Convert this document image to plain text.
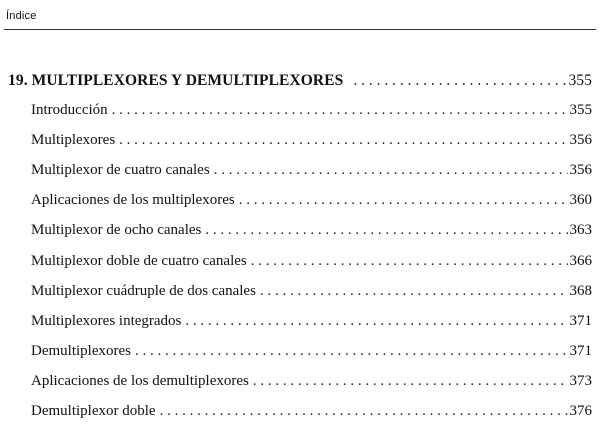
Índice
19. MULTIPLEXORES Y DEMULTIPLEXORES . . .	355
Introducción . . .	355
Multiplexores . . .	356
Multiplexor de cuatro canales . . .	356
Aplicaciones de los multiplexores . . .	360
Multiplexor de ocho canales . . .	363
Multiplexor doble de cuatro canales . . .	366
Multiplexor cuádruple de dos canales . . .	368
Multiplexores integrados . . .	371
Demultiplexores . . .	371
Aplicaciones de los demultiplexores . . .	373
Demultiplexor doble . . .	376
